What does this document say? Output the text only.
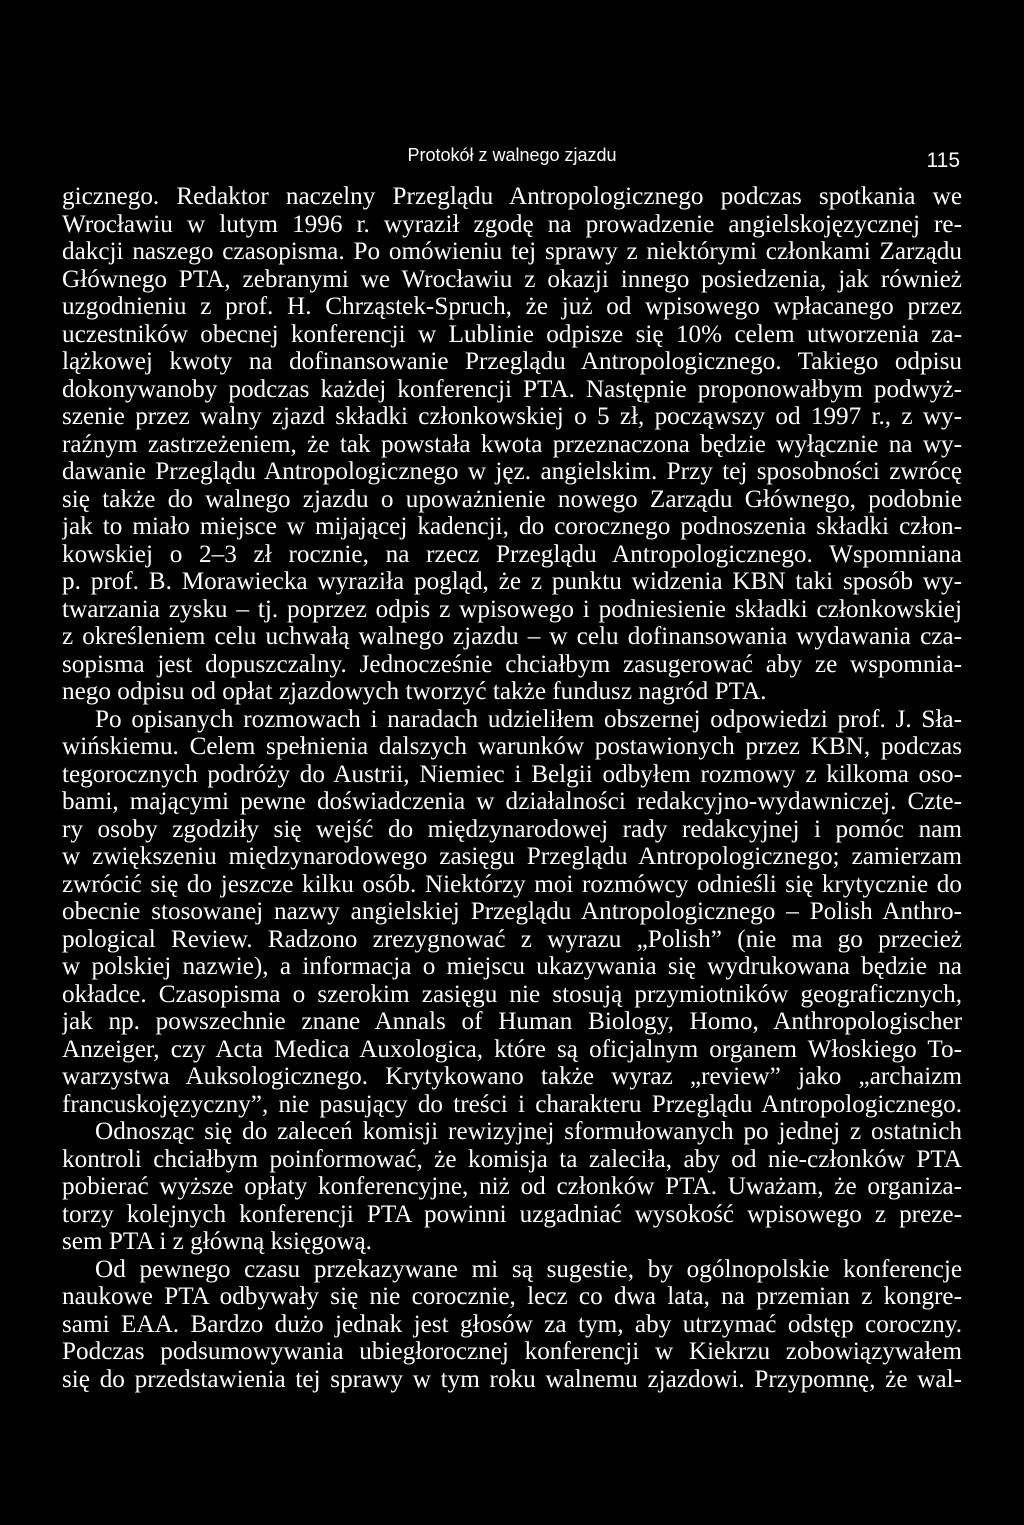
Protokół z walnego zjazdu	115
gicznego. Redaktor naczelny Przeglądu Antropologicznego podczas spotkania we
Wrocławiu w lutym 1996 r. wyraził zgodę na prowadzenie angielskojęzycznej re-
dakcji naszego czasopisma. Po omówieniu tej sprawy z niektórymi członkami Zarządu
Głównego PTA, zebranymi we Wrocławiu z okazji innego posiedzenia, jak również
uzgodnieniu z prof. H. Chrząstek-Spruch, że już od wpisowego wpłacanego przez
uczestników obecnej konferencji w Lublinie odpisze się 10% celem utworzenia za-
lążkowej kwoty na dofinansowanie Przeglądu Antropologicznego. Takiego odpisu
dokonywanoby podczas każdej konferencji PTA. Następnie proponowałbym podwyż-
szenie przez walny zjazd składki członkowskiej o 5 zł, począwszy od 1997 r., z wy-
raźnym zastrzeżeniem, że tak powstała kwota przeznaczona będzie wyłącznie na wy-
dawanie Przeglądu Antropologicznego w jęz. angielskim. Przy tej sposobności zwrócę
się także do walnego zjazdu o upoważnienie nowego Zarządu Głównego, podobnie
jak to miało miejsce w mijającej kadencji, do corocznego podnoszenia składki człon-
kowskiej o 2–3 zł rocznie, na rzecz Przeglądu Antropologicznego. Wspomniana
p. prof. B. Morawiecka wyraziła pogląd, że z punktu widzenia KBN taki sposób wy-
twarzania zysku – tj. poprzez odpis z wpisowego i podniesienie składki członkowskiej
z określeniem celu uchwałą walnego zjazdu – w celu dofinansowania wydawania cza-
sopisma jest dopuszczalny. Jednocześnie chciałbym zasugerować aby ze wspomnia-
nego odpisu od opłat zjazdowych tworzyć także fundusz nagród PTA.
Po opisanych rozmowach i naradach udzieliłem obszernej odpowiedzi prof. J. Sła-
wińskiemu. Celem spełnienia dalszych warunków postawionych przez KBN, podczas
tegorocznych podróży do Austrii, Niemiec i Belgii odbyłem rozmowy z kilkoma oso-
bami, mającymi pewne doświadczenia w działalności redakcyjno-wydawniczej. Czte-
ry osoby zgodziły się wejść do międzynarodowej rady redakcyjnej i pomóc nam
w zwiększeniu międzynarodowego zasięgu Przeglądu Antropologicznego; zamierzam
zwrócić się do jeszcze kilku osób. Niektórzy moi rozmówcy odnieśli się krytycznie do
obecnie stosowanej nazwy angielskiej Przeglądu Antropologicznego – Polish Anthro-
pological Review. Radzono zrezygnować z wyrazu „Polish” (nie ma go przecież
w polskiej nazwie), a informacja o miejscu ukazywania się wydrukowana będzie na
okładce. Czasopisma o szerokim zasięgu nie stosują przymiotników geograficznych,
jak np. powszechnie znane Annals of Human Biology, Homo, Anthropologischer
Anzeiger, czy Acta Medica Auxologica, które są oficjalnym organem Włoskiego To-
warzystwa Auksologicznego. Krytykowano także wyraz „review” jako „archaizm
francuskojęzyczny”, nie pasujący do treści i charakteru Przeglądu Antropologicznego.
Odnosząc się do zaleceń komisji rewizyjnej sformułowanych po jednej z ostatnich
kontroli chciałbym poinformować, że komisja ta zaleciła, aby od nie-członków PTA
pobierać wyższe opłaty konferencyjne, niż od członków PTA. Uważam, że organiza-
torzy kolejnych konferencji PTA powinni uzgadniać wysokość wpisowego z preze-
sem PTA i z główną księgową.
Od pewnego czasu przekazywane mi są sugestie, by ogólnopolskie konferencje
naukowe PTA odbywały się nie corocznie, lecz co dwa lata, na przemian z kongre-
sami EAA. Bardzo dużo jednak jest głosów za tym, aby utrzymać odstęp coroczny.
Podczas podsumowywania ubiegłorocznej konferencji w Kiekrzu zobowiązywałem
się do przedstawienia tej sprawy w tym roku walnemu zjazdowi. Przypomnę, że wal-
